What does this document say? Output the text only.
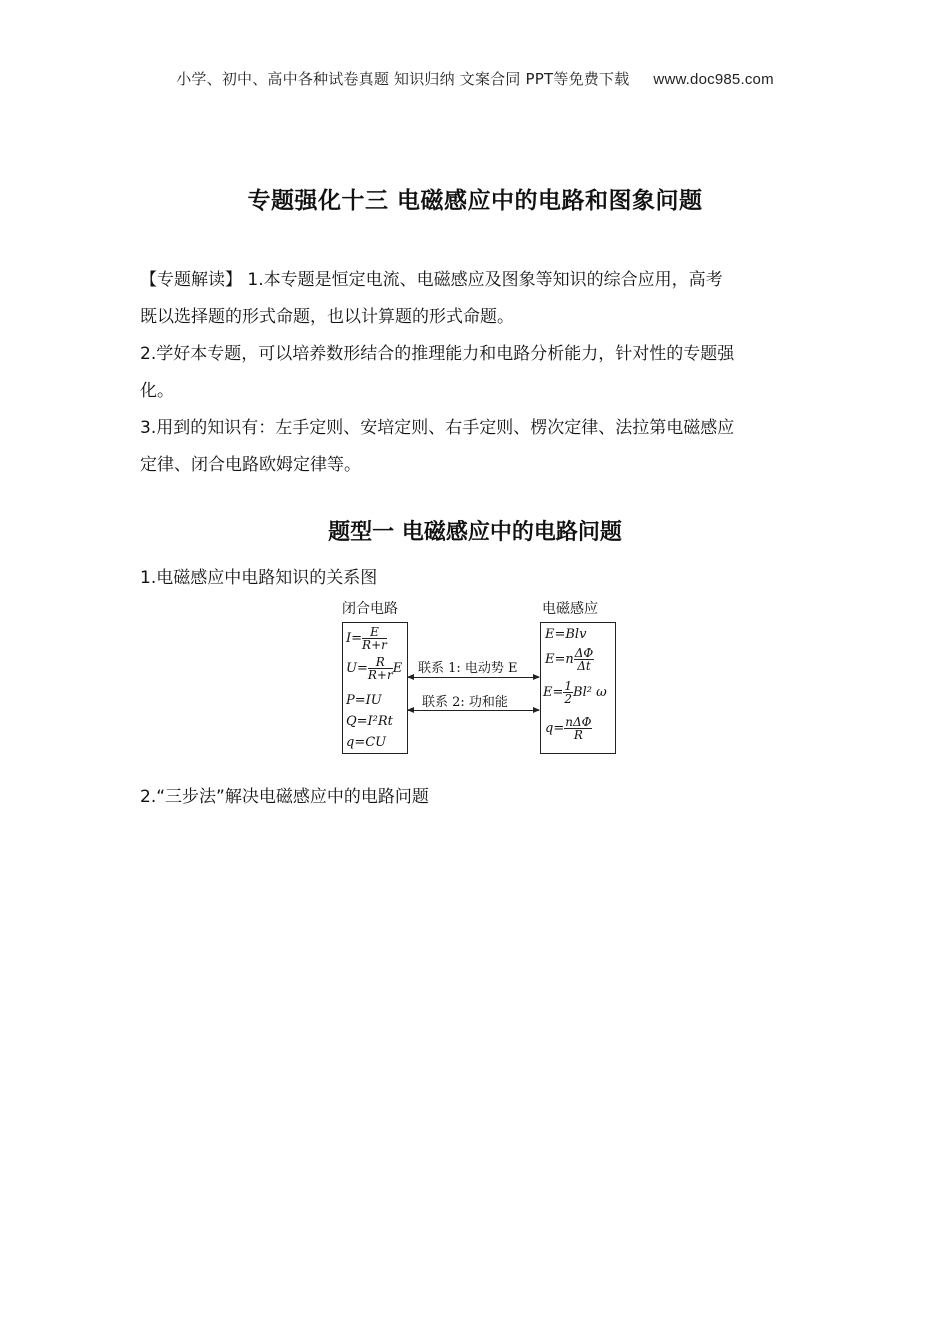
小学、初中、高中各种试卷真题 知识归纳 文案合同 PPT等免费下载 www.doc985.com
专题强化十三 电磁感应中的电路和图象问题
【专题解读】 1.本专题是恒定电流、电磁感应及图象等知识的综合应用，高考
既以选择题的形式命题，也以计算题的形式命题。
2.学好本专题，可以培养数形结合的推理能力和电路分析能力，针对性的专题强
化。
3.用到的知识有：左手定则、安培定则、右手定则、楞次定律、法拉第电磁感应
定律、闭合电路欧姆定律等。
题型一 电磁感应中的电路问题
1.电磁感应中电路知识的关系图
闭合电路	电磁感应
$I= \frac{E}{R+r}$
$U= \frac{R}{R+r}$ E
P=IU
Q=I²Rt
q=CU
E=Blv
$E=n \frac{\Delta\Phi}{\Delta t}$
$E= \frac{1}{2} Bl^2$ ω
$q= \frac{\text{nΔΦ}}{R}$
联系 1: 电动势 E
联系 2: 功和能
2.“三步法”解决电磁感应中的电路问题
